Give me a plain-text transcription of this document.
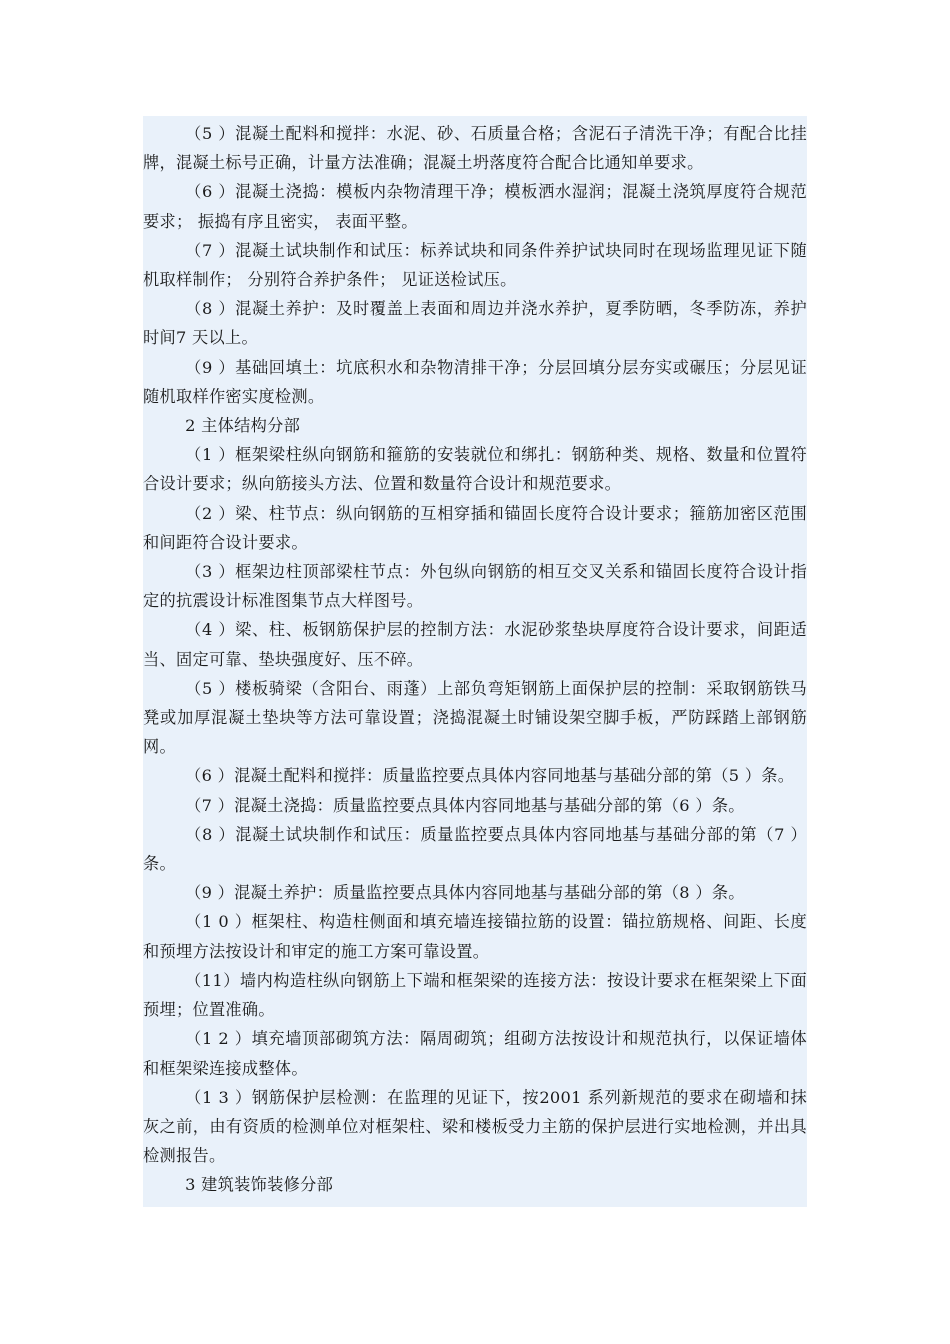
（5 ）混凝土配料和搅拌：水泥、砂、石质量合格；含泥石子清洗干净；有配合比挂牌，混凝土标号正确，计量方法准确；混凝土坍落度符合配合比通知单要求。

（6 ）混凝土浇捣：模板内杂物清理干净；模板洒水湿润；混凝土浇筑厚度符合规范要求； 振捣有序且密实， 表面平整。

（7 ）混凝土试块制作和试压：标养试块和同条件养护试块同时在现场监理见证下随机取样制作； 分别符合养护条件； 见证送检试压。

（8 ）混凝土养护：及时覆盖上表面和周边并浇水养护，夏季防晒，冬季防冻，养护时间7 天以上。

（9 ）基础回填土：坑底积水和杂物清排干净；分层回填分层夯实或碾压；分层见证随机取样作密实度检测。

2 主体结构分部

（1 ）框架梁柱纵向钢筋和箍筋的安装就位和绑扎：钢筋种类、规格、数量和位置符合设计要求；纵向筋接头方法、位置和数量符合设计和规范要求。

（2 ）梁、柱节点：纵向钢筋的互相穿插和锚固长度符合设计要求；箍筋加密区范围和间距符合设计要求。

（3 ）框架边柱顶部梁柱节点：外包纵向钢筋的相互交叉关系和锚固长度符合设计指定的抗震设计标准图集节点大样图号。

（4 ）梁、柱、板钢筋保护层的控制方法：水泥砂浆垫块厚度符合设计要求，间距适当、固定可靠、垫块强度好、压不碎。

（5 ）楼板骑梁（含阳台、雨蓬）上部负弯矩钢筋上面保护层的控制：采取钢筋铁马凳或加厚混凝土垫块等方法可靠设置；浇捣混凝土时铺设架空脚手板，严防踩踏上部钢筋网。

（6 ）混凝土配料和搅拌：质量监控要点具体内容同地基与基础分部的第（5 ）条。

（7 ）混凝土浇捣：质量监控要点具体内容同地基与基础分部的第（6 ）条。

（8 ）混凝土试块制作和试压：质量监控要点具体内容同地基与基础分部的第（7 ）条。

（9 ）混凝土养护：质量监控要点具体内容同地基与基础分部的第（8 ）条。

（1 0 ）框架柱、构造柱侧面和填充墙连接锚拉筋的设置：锚拉筋规格、间距、长度和预埋方法按设计和审定的施工方案可靠设置。

（11）墙内构造柱纵向钢筋上下端和框架梁的连接方法：按设计要求在框架梁上下面预埋；位置准确。

（1 2 ）填充墙顶部砌筑方法：隔周砌筑；组砌方法按设计和规范执行，以保证墙体和框架梁连接成整体。

（1 3 ）钢筋保护层检测：在监理的见证下，按2001 系列新规范的要求在砌墙和抹灰之前，由有资质的检测单位对框架柱、梁和楼板受力主筋的保护层进行实地检测，并出具检测报告。

3 建筑装饰装修分部
